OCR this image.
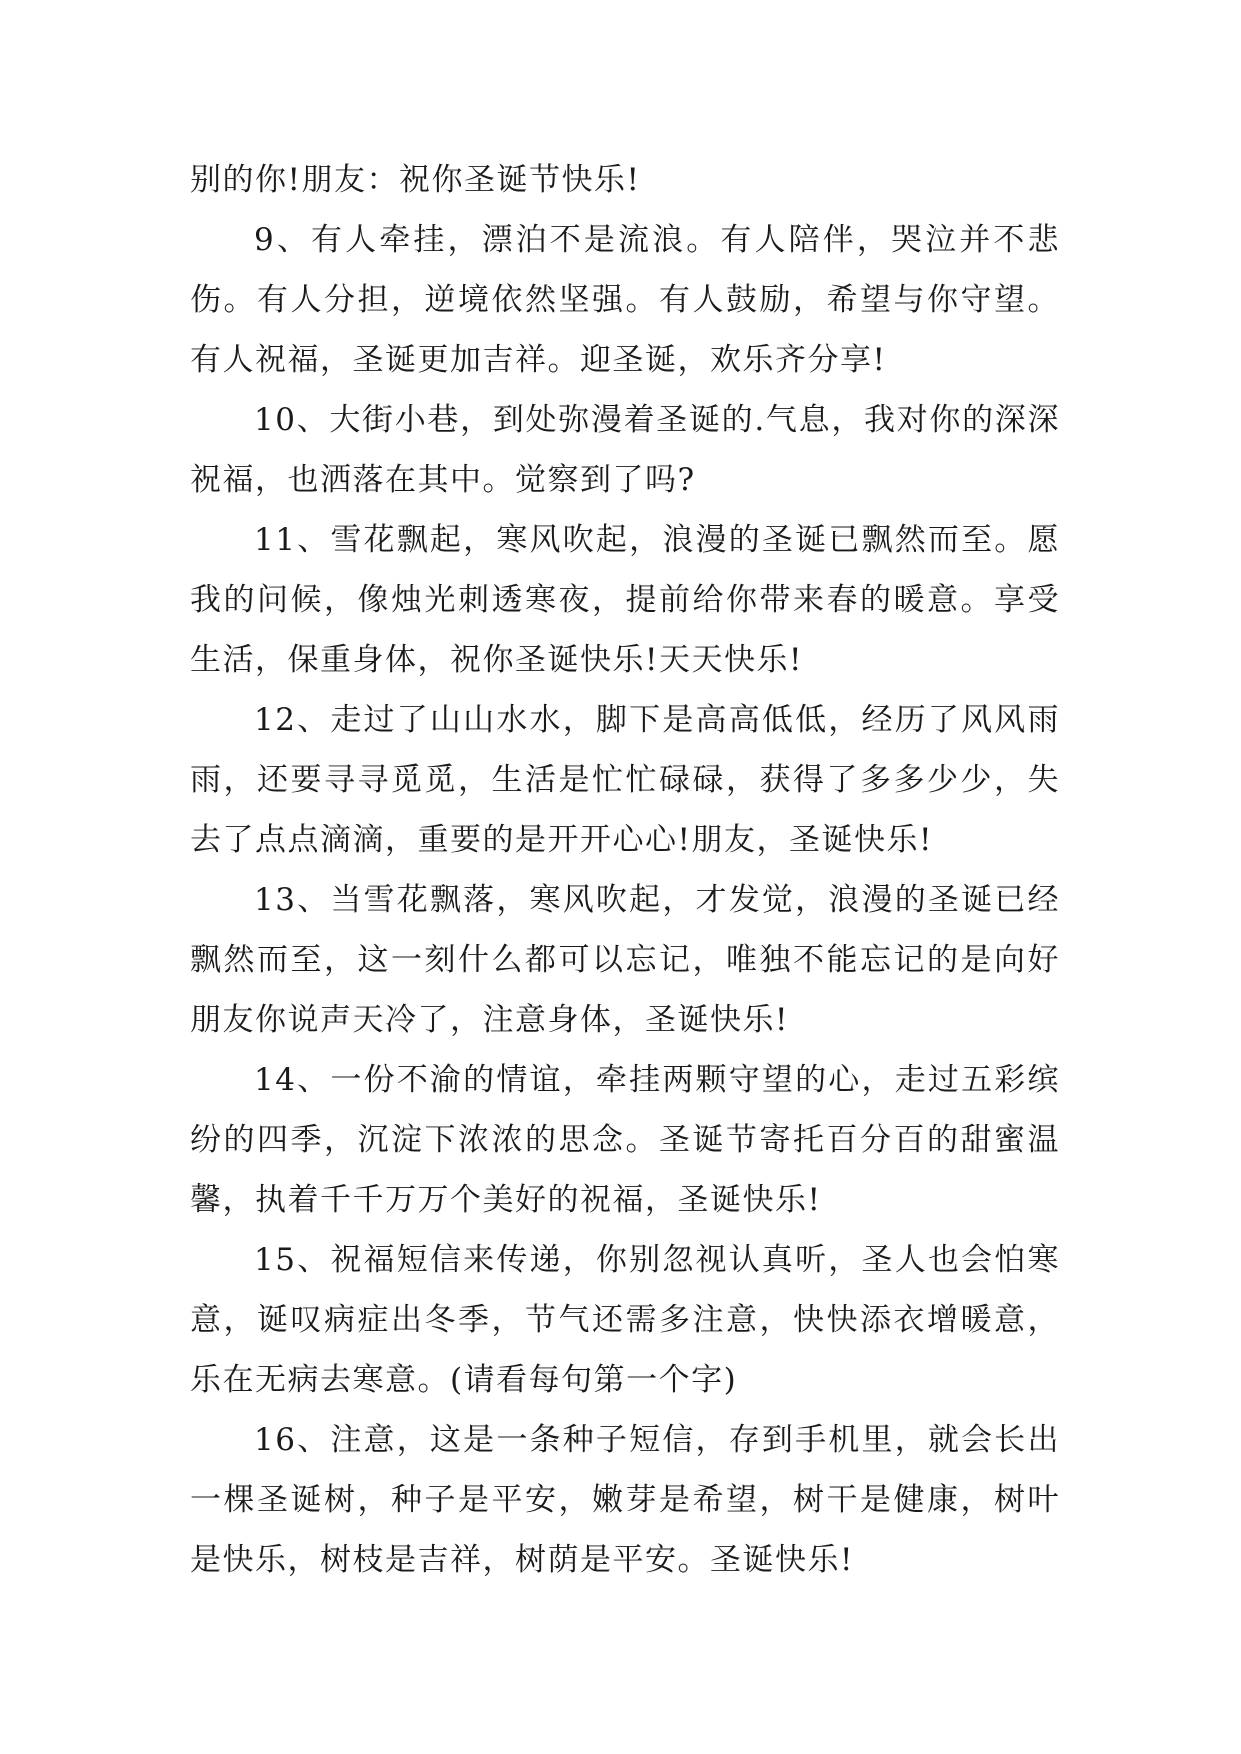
别的你!朋友：祝你圣诞节快乐!

9、有人牵挂，漂泊不是流浪。有人陪伴，哭泣并不悲伤。有人分担，逆境依然坚强。有人鼓励，希望与你守望。有人祝福，圣诞更加吉祥。迎圣诞，欢乐齐分享!

10、大街小巷，到处弥漫着圣诞的.气息，我对你的深深祝福，也洒落在其中。觉察到了吗?

11、雪花飘起，寒风吹起，浪漫的圣诞已飘然而至。愿我的问候，像烛光刺透寒夜，提前给你带来春的暖意。享受生活，保重身体，祝你圣诞快乐!天天快乐!

12、走过了山山水水，脚下是高高低低，经历了风风雨雨，还要寻寻觅觅，生活是忙忙碌碌，获得了多多少少，失去了点点滴滴，重要的是开开心心!朋友，圣诞快乐!

13、当雪花飘落，寒风吹起，才发觉，浪漫的圣诞已经飘然而至，这一刻什么都可以忘记，唯独不能忘记的是向好朋友你说声天冷了，注意身体，圣诞快乐!

14、一份不渝的情谊，牵挂两颗守望的心，走过五彩缤纷的四季，沉淀下浓浓的思念。圣诞节寄托百分百的甜蜜温馨，执着千千万万个美好的祝福，圣诞快乐!

15、祝福短信来传递，你别忽视认真听，圣人也会怕寒意，诞叹病症出冬季，节气还需多注意，快快添衣增暖意，乐在无病去寒意。(请看每句第一个字)

16、注意，这是一条种子短信，存到手机里，就会长出一棵圣诞树，种子是平安，嫩芽是希望，树干是健康，树叶是快乐，树枝是吉祥，树荫是平安。圣诞快乐!
